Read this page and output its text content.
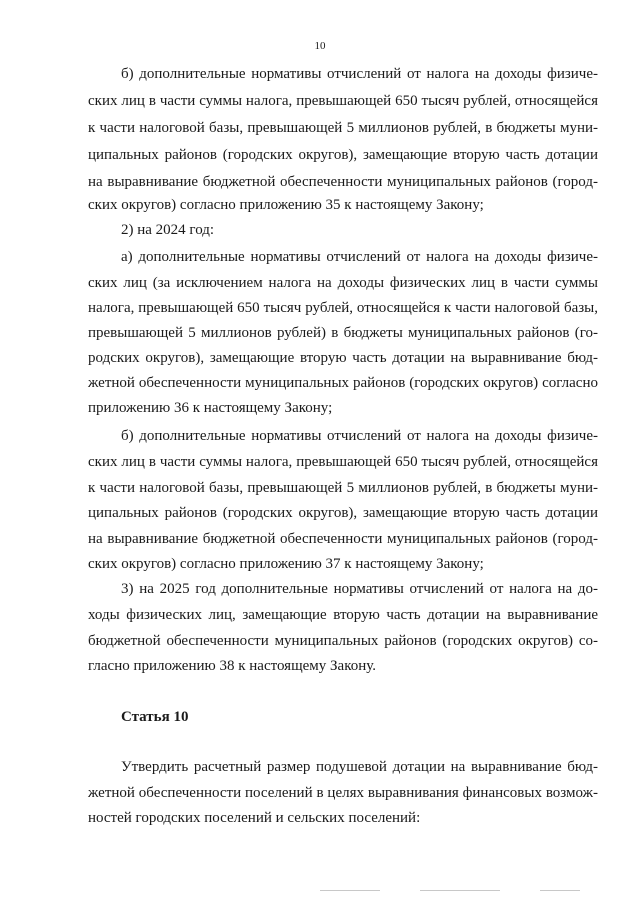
10
б) дополнительные нормативы отчислений от налога на доходы физиче-
ских лиц в части суммы налога, превышающей 650 тысяч рублей, относящейся
к части налоговой базы, превышающей 5 миллионов рублей, в бюджеты муни-
ципальных районов (городских округов), замещающие вторую часть дотации
на выравнивание бюджетной обеспеченности муниципальных районов (город-
ских округов) согласно приложению 35 к настоящему Закону;
2) на 2024 год:
а) дополнительные нормативы отчислений от налога на доходы физиче-
ских лиц (за исключением налога на доходы физических лиц в части суммы
налога, превышающей 650 тысяч рублей, относящейся к части налоговой базы,
превышающей 5 миллионов рублей) в бюджеты муниципальных районов (го-
родских округов), замещающие вторую часть дотации на выравнивание бюд-
жетной обеспеченности муниципальных районов (городских округов) согласно
приложению 36 к настоящему Закону;
б) дополнительные нормативы отчислений от налога на доходы физиче-
ских лиц в части суммы налога, превышающей 650 тысяч рублей, относящейся
к части налоговой базы, превышающей 5 миллионов рублей, в бюджеты муни-
ципальных районов (городских округов), замещающие вторую часть дотации
на выравнивание бюджетной обеспеченности муниципальных районов (город-
ских округов) согласно приложению 37 к настоящему Закону;
3) на 2025 год дополнительные нормативы отчислений от налога на до-
ходы физических лиц, замещающие вторую часть дотации на выравнивание
бюджетной обеспеченности муниципальных районов (городских округов) со-
гласно приложению 38 к настоящему Закону.
Статья 10
Утвердить расчетный размер подушевой дотации на выравнивание бюд-
жетной обеспеченности поселений в целях выравнивания финансовых возмож-
ностей городских поселений и сельских поселений:
